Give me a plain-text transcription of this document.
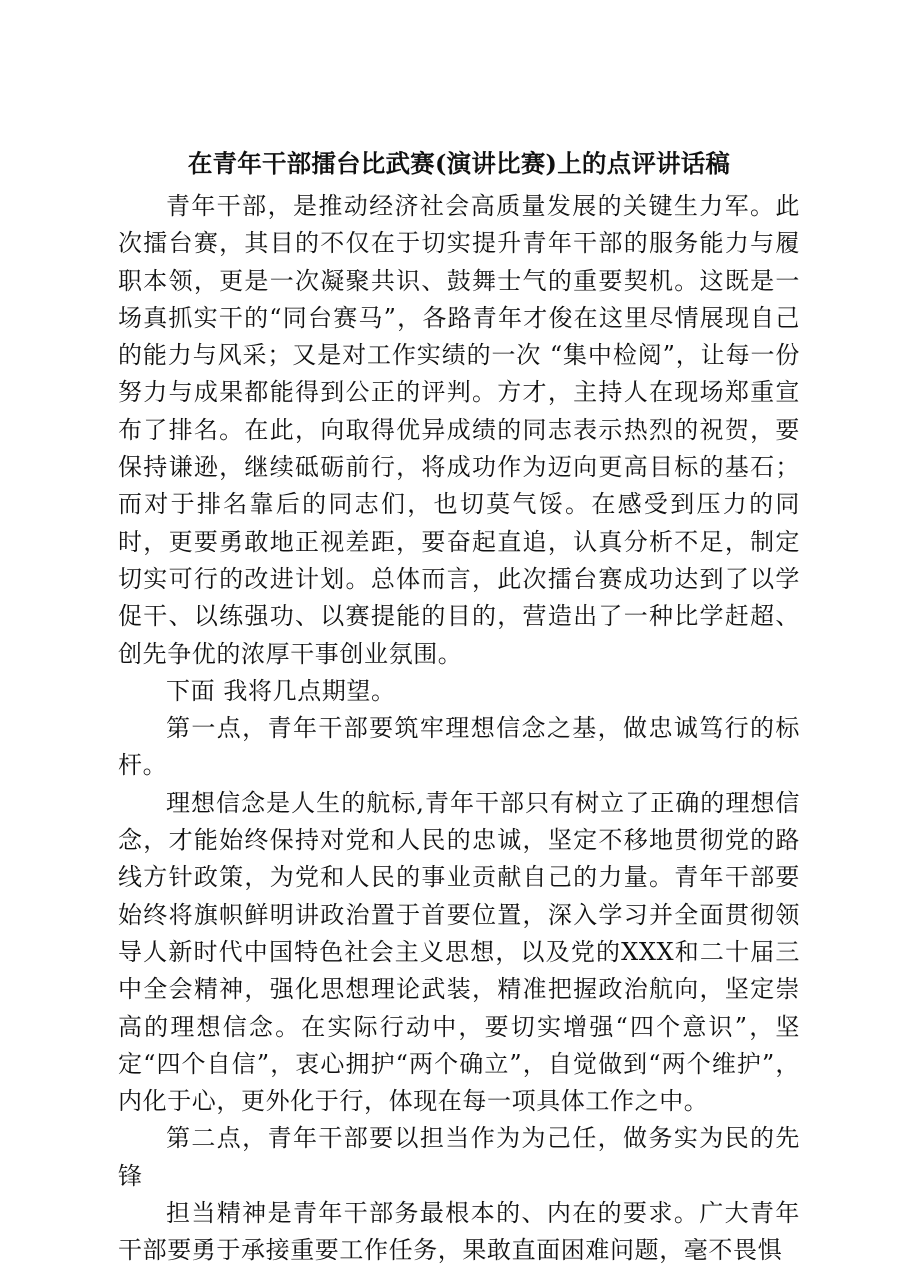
在青年干部擂台比武赛(演讲比赛)上的点评讲话稿

青年干部，是推动经济社会高质量发展的关键生力军。此次擂台赛，其目的不仅在于切实提升青年干部的服务能力与履职本领，更是一次凝聚共识、鼓舞士气的重要契机。这既是一场真抓实干的“同台赛马”，各路青年才俊在这里尽情展现自己的能力与风采；又是对工作实绩的一次 “集中检阅”，让每一份努力与成果都能得到公正的评判。方才，主持人在现场郑重宣布了排名。在此，向取得优异成绩的同志表示热烈的祝贺，要保持谦逊，继续砥砺前行，将成功作为迈向更高目标的基石；而对于排名靠后的同志们，也切莫气馁。在感受到压力的同时，更要勇敢地正视差距，要奋起直追，认真分析不足，制定切实可行的改进计划。总体而言，此次擂台赛成功达到了以学促干、以练强功、以赛提能的目的，营造出了一种比学赶超、创先争优的浓厚干事创业氛围。

下面 我将几点期望。

第一点，青年干部要筑牢理想信念之基，做忠诚笃行的标杆。

理想信念是人生的航标,青年干部只有树立了正确的理想信念，才能始终保持对党和人民的忠诚，坚定不移地贯彻党的路线方针政策，为党和人民的事业贡献自己的力量。青年干部要始终将旗帜鲜明讲政治置于首要位置，深入学习并全面贯彻领导人新时代中国特色社会主义思想，以及党的XXX和二十届三中全会精神，强化思想理论武装，精准把握政治航向，坚定崇高的理想信念。在实际行动中，要切实增强“四个意识”，坚定“四个自信”，衷心拥护“两个确立”，自觉做到“两个维护”，内化于心，更外化于行，体现在每一项具体工作之中。

第二点，青年干部要以担当作为为己任，做务实为民的先锋

担当精神是青年干部务最根本的、内在的要求。广大青年干部要勇于承接重要工作任务，果敢直面困难问题，毫不畏惧
